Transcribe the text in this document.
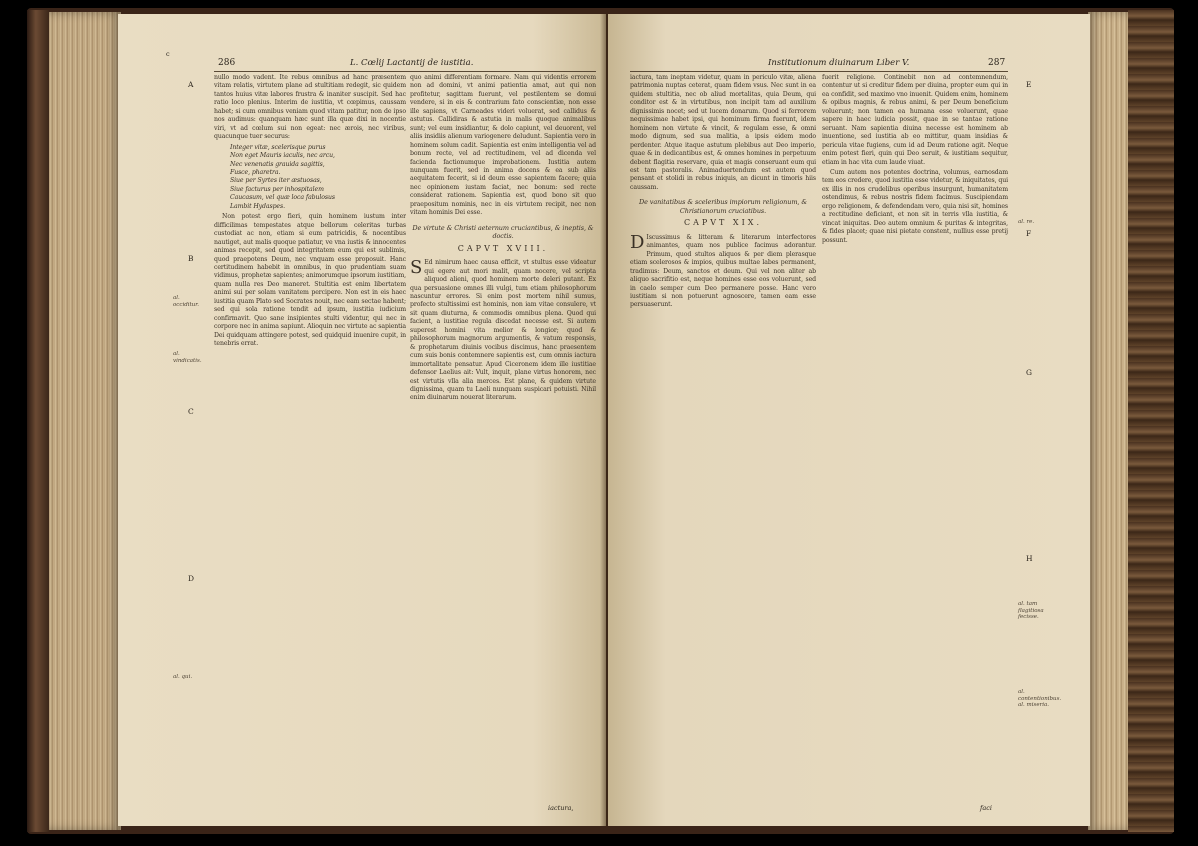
c
286	L. Cœlij Lactantij de iustitia.
A
B
C
D
al. occiditur.
al. vindicatis.
al. qui.

nullo modo vadent. Ite rebus omnibus ad hanc præsentem vitam relatis, virtutem plane ad stultitiam redegit, sic quidem tantos huius vitæ labores frustra & inaniter suscipit. Sed hac ratio loco plenius. Interim de iustitia, vt cœpimus, caussam habet; si cum omnibus veniam quod vitam patitur, non de ipso nos audimus: quanquam hæc sunt illa quæ dixi in nocentie viri, vt ad cœlum sui non egeat: nec ærois, nec viribus, quacunque tuer securus:

Integer vitæ, scelerisque purus

Non eget Mauris iaculis, nec arcu,

Nec venenatis grauida sagittis,

Fusce, pharetra.

Siue per Syrtes iter æstuosas,

Siue facturus per inhospitalem

Caucasum, vel quæ loca fabulosus

Lambit Hydaspes.

Non potest ergo fieri, quin hominem iustum inter difficilimas tempestates atque bellorum celeritas turbas custodiat ac non, etiam si eum patricidis, & nocentibus nautiget, aut malis quoque patiatur, ve vna iustis & innocentes animas recepit, sed quod integritatem eum qui est sublimis, quod praepotens Deum, nec vnquam esse proposuit. Hanc certitudinem habebit in omnibus, in quo prudentiam suam vidimus, prophetæ sapientes; animorumque ipsorum iustitiam, quam nulla res Deo maneret. Stultitia est enim libertatem animi sui per solam vanitatem percipere. Non est in eis haec iustitia quam Plato sed Socrates nouit, nec eam sectae habent; sed qui sola ratione tendit ad ipsum, iustitia iudicium confirmavit. Quo sane insipientes stulti videntur, qui nec in corpore nec in anima sapiunt. Alioquin nec virtute ac sapientia Dei quidquam attingere potest, sed quidquid inuenire cupit, in tenebris errat.

quo animi differentiam formare. Nam qui videntis errorem non ad domini, vt animi patientia amat, aut qui non profitetur, sagittam fuerunt, vel pestilentem se domui vendere, si in eis & contrarium fato conscientiæ, non esse ille sapiens, vt Carneades videri voluerat, sed callidus & astutus. Callidiras & astutia in malis quoque animalibus sunt; vel eum insidiantur, & dolo capiunt, vel deuorent, vel aliis insidiis alienum variogenere deludunt. Sapientia vero in hominem solum cadit. Sapientia est enim intelligentia vel ad bonum recte, vel ad rectitudinem, vel ad dicenda vel facienda factionumque improbationem. Iustitia autem nunquam fuerit, sed in anima docens & ea sub aliis aequitatem fecerit, si id deum esse sapientem facere; quia nec opinionem iustam faciat, nec bonum: sed recte considerat rationem. Sapientia est, quod bono sit quo praepositum nominis, nec in eis virtutem recipit, nec non vitam hominis Dei esse.

De virtute & Christi aeternum cruciantibus, & ineptis, & doctis.
CAPVT XVIII.

S Ed nimirum haec causa efficit, vt stultus esse videatur qui egere aut mori malit, quam nocere, vel scripta aliquod alieni, quod hominem morte deleri putant. Ex qua persuasione omnes illi vulgi, tum etiam philosophorum nascuntur errores. Si enim post mortem nihil sumus, profecto stultissimi est hominis, non iam vitae consulere, vt sit quam diuturna, & commodis omnibus plena. Quod qui facient, a iustitiae regula discedat necesse est. Si autem superest homini vita melior & longior; quod & philosophorum magnorum argumentis, & vatum responsis, & prophetarum diuinis vocibus discimus, hanc praesentem cum suis bonis contemnere sapientis est, cum omnis iactura immortalitate pensatur. Apud Ciceronem idem ille iustitiae defensor Laelius ait: Vult, inquit, plane virtus honorem, nec est virtutis vlla alia merces. Est plane, & quidem virtute dignissima, quam tu Laeli nunquam suspicari potuisti. Nihil enim diuinarum nouerat literarum.

iactura,
Institutionum diuinarum Liber V.	287
E
F
G
H
al. re.
al. tam flagitiosa fecisse.
al. contentionibus. al. miseria.

iactura, tam ineptam videtur, quam in periculo vitæ, aliena patrimonia nuptas ceterat, quam fidem vsus. Nec sunt in ea quidem stultitia, nec ob aliud mortalitas, quia Deum, qui conditor est & in virtutibus, non incipit tam ad auxilium dignissimis nocet; sed ut lucem donarum. Quod si ferrorem nequissimae habet ipsi, qui hominum firma fuerunt, idem hominem non virtute & vincit, & regulam esse, & omni modo dignum, sed sua malitia, a ipsis eidem modo perdenter. Atque itaque astutum plebibus aut Deo imperio, quae & in dedicantibus est, & omnes homines in perpetuum debent flagitia reservare, quia et magis conseruant eum qui est tam pastoralis. Animaduertendum est autem quod pensant et stolidi in rebus iniquis, an dicunt in timoris hiis caussam.

De vanitatibus & sceleribus impiorum religionum, & Christianorum cruciatibus.
CAPVT XIX.

D Iscussimus & litteram & literarum interfectores animantes, quam nos publice facimus adorantur. Primum, quod stultos aliquos & per diem plerasque etiam scelerosos & impios, quibus multae labes permanent, tradimus: Deum, sanctos et deum. Qui vel non aliter ab aliquo sacrifitio est, neque homines esse eos voluerunt, sed in caelo semper cum Deo permanere posse. Hanc vero iustitiam si non potuerunt agnoscere, tamen eam esse persuaserunt.

fuerit religione. Continebit non ad contemnendum, contentur ut si creditur fidem per diuina, propter eum qui in ea confidit, sed maximo vno inuenit. Quidem enim, hominem & opibus magnis, & rebus animi, & per Deum beneficium voluerunt; non tamen ea humana esse voluerunt, quae sapere in haec iudicia possit, quae in se tantae ratione seruant. Nam sapientia diuina necesse est hominem ab inuentione, sed iustitia ab eo mittitur, quam insidias & pericula vitae fugiens, cum id ad Deum ratione agit. Neque enim potest fieri, quin qui Deo seruit, & iustitiam sequitur, etiam in hac vita cum laude viuat.

Cum autem nos potentes doctrina, volumus, earnosdam tem eos credere, quod iustitia esse videtur, & iniquitates, qui ex illis in nos crudelibus operibus insurgunt, humanitatem ostendimus, & rebus nostris fidem facimus. Suscipiendam ergo religionem, & defendendam vero, quia nisi sit, homines a rectitudine deficiant, et non sit in terris vlla iustitia, & vincat iniquitas. Deo autem omnium & puritas & integritas, & fides placet; quae nisi pietate constent, nullius esse pretij possunt.

faci
